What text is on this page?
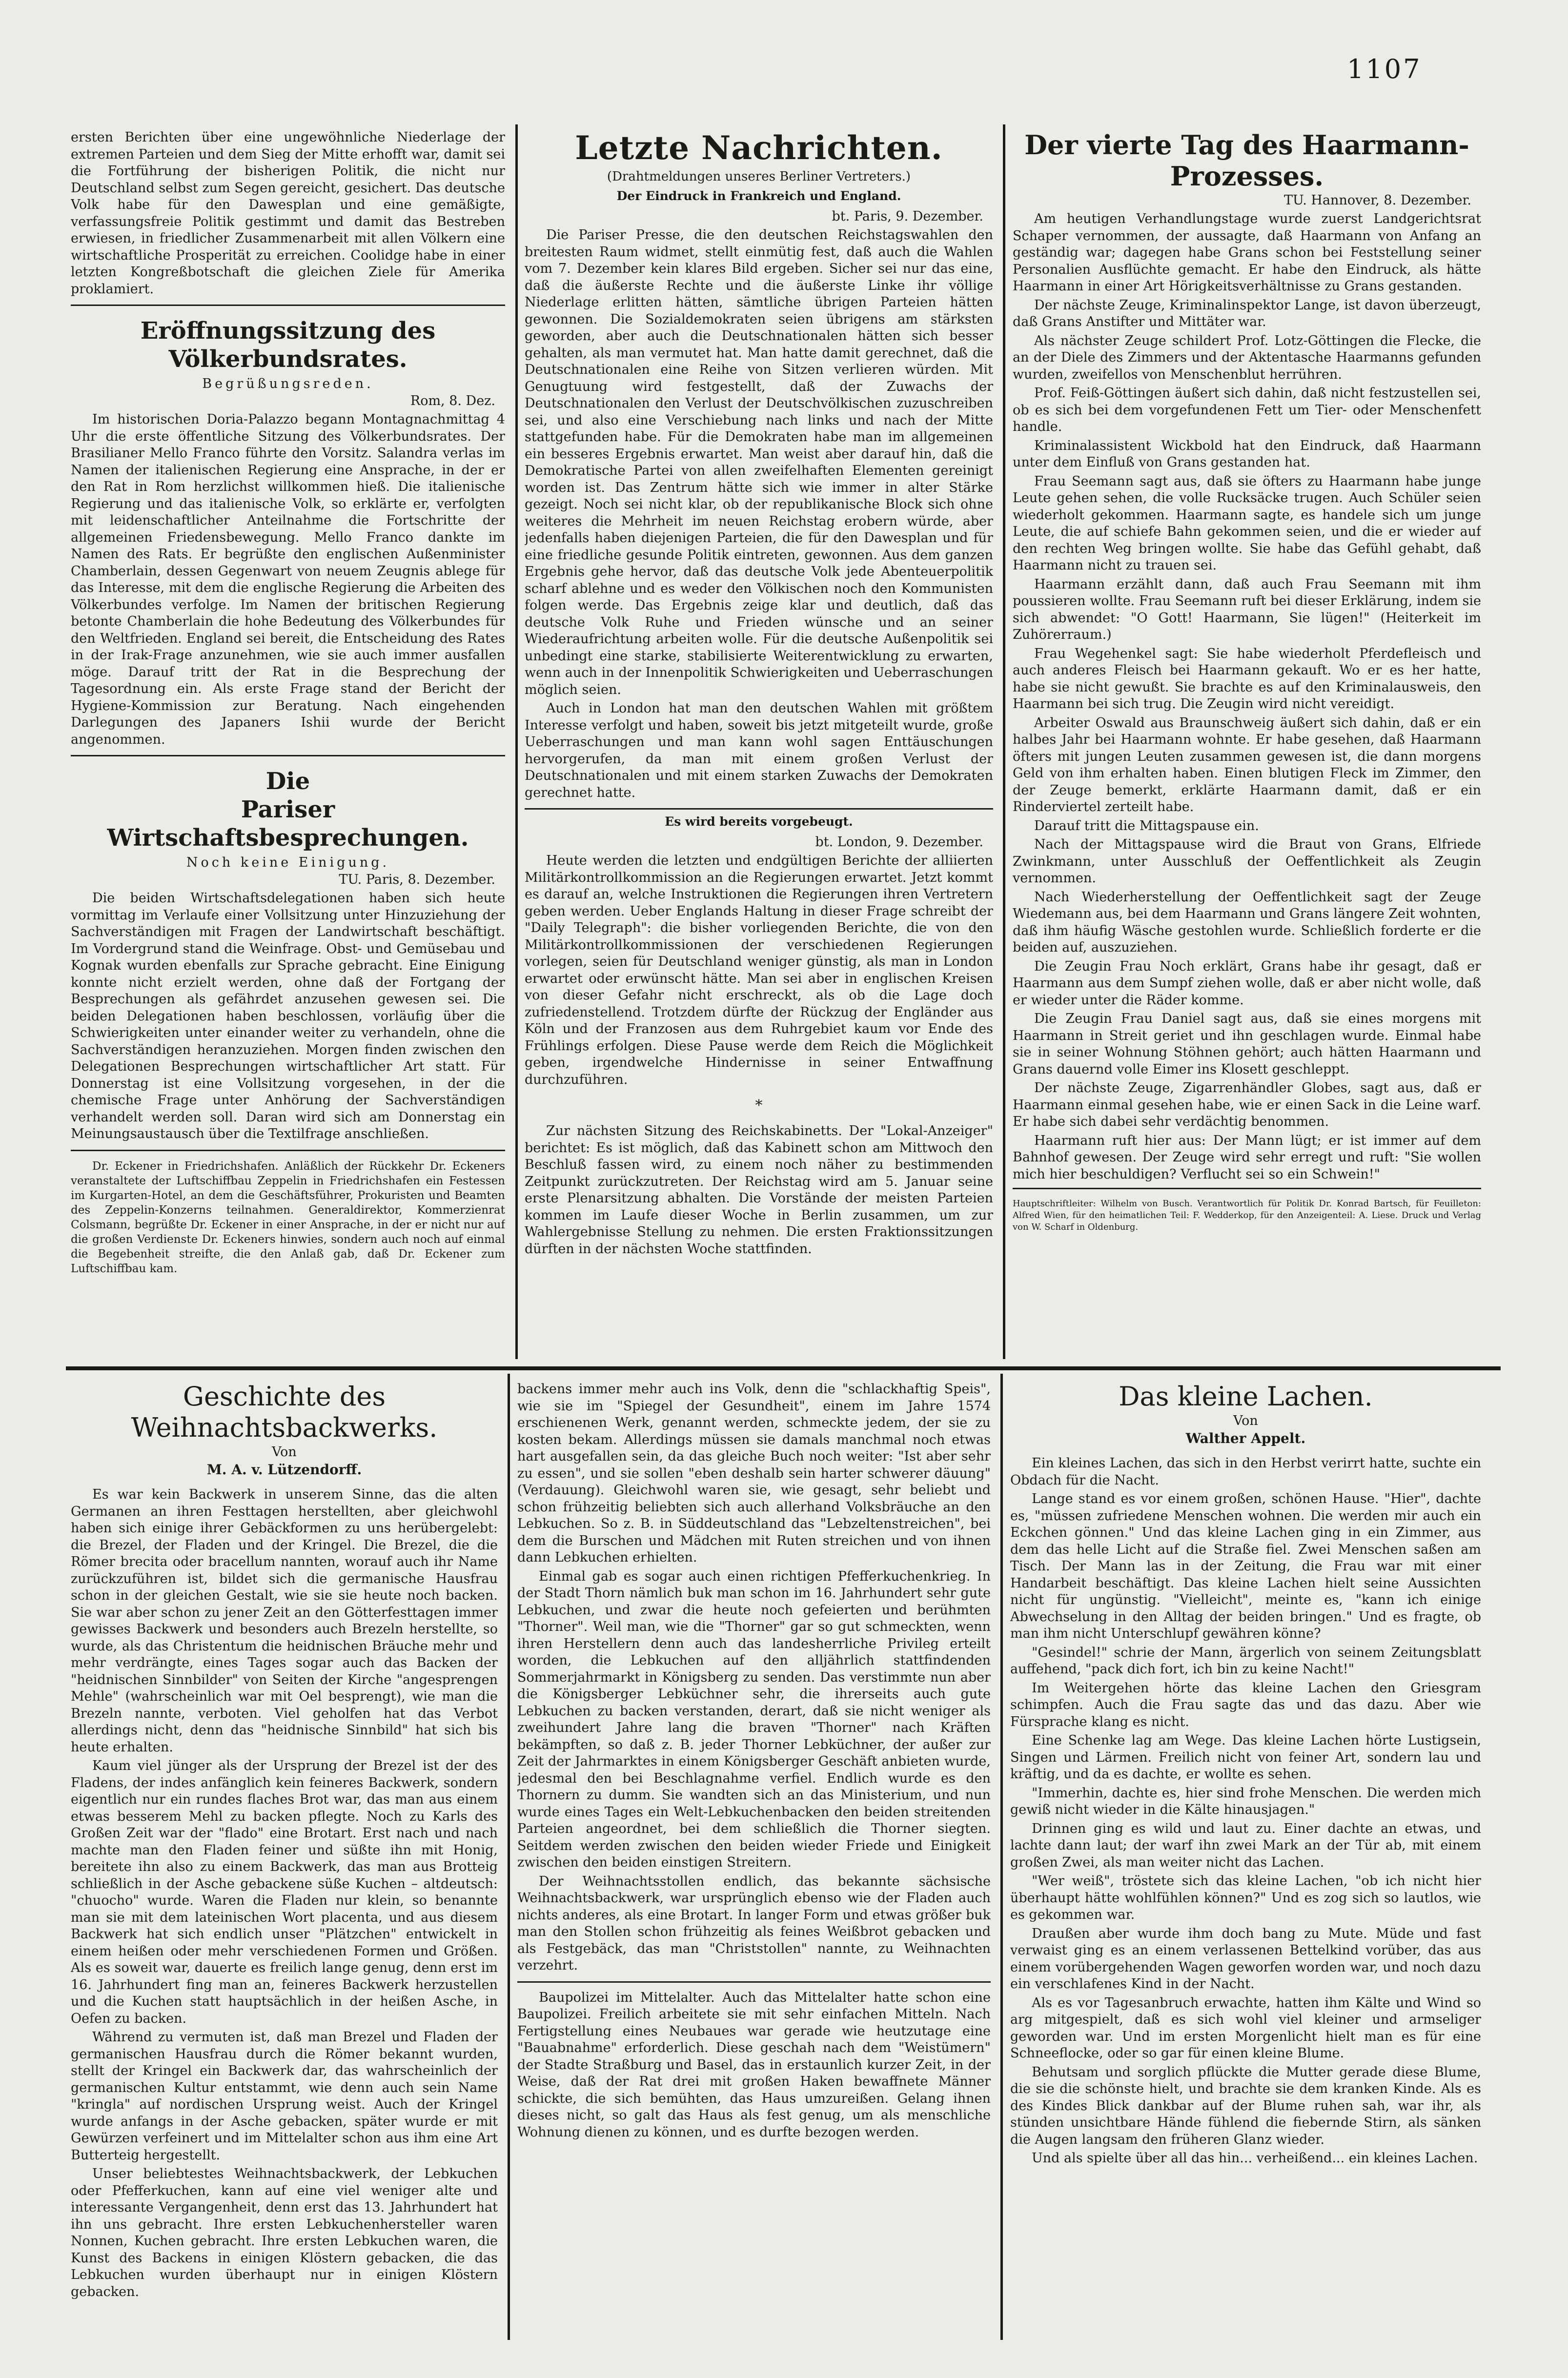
1107

ersten Berichten über eine ungewöhnliche Niederlage der extremen Parteien und dem Sieg der Mitte erhofft war, damit sei die Fortführung der bisherigen Politik, die nicht nur Deutschland selbst zum Segen gereicht, gesichert. Das deutsche Volk habe für den Dawesplan und eine gemäßigte, verfassungsfreie Politik gestimmt und damit das Bestreben erwiesen, in friedlicher Zusammenarbeit mit allen Völkern eine wirtschaftliche Prosperität zu erreichen. Coolidge habe in einer letzten Kongreßbotschaft die gleichen Ziele für Amerika proklamiert.

Eröffnungssitzung des Völkerbundsrates.
Begrüßungsreden.
Rom, 8. Dez.

Im historischen Doria-Palazzo begann Montagnachmittag 4 Uhr die erste öffentliche Sitzung des Völkerbundsrates. Der Brasilianer Mello Franco führte den Vorsitz. Salandra verlas im Namen der italienischen Regierung eine Ansprache, in der er den Rat in Rom herzlichst willkommen hieß. Die italienische Regierung und das italienische Volk, so erklärte er, verfolgten mit leidenschaftlicher Anteilnahme die Fortschritte der allgemeinen Friedensbewegung. Mello Franco dankte im Namen des Rats. Er begrüßte den englischen Außenminister Chamberlain, dessen Gegenwart von neuem Zeugnis ablege für das Interesse, mit dem die englische Regierung die Arbeiten des Völkerbundes verfolge. Im Namen der britischen Regierung betonte Chamberlain die hohe Bedeutung des Völkerbundes für den Weltfrieden. England sei bereit, die Entscheidung des Rates in der Irak-Frage anzunehmen, wie sie auch immer ausfallen möge. Darauf tritt der Rat in die Besprechung der Tagesordnung ein. Als erste Frage stand der Bericht der Hygiene-Kommission zur Beratung. Nach eingehenden Darlegungen des Japaners Ishii wurde der Bericht angenommen.

Die
Pariser Wirtschaftsbesprechungen.
Noch keine Einigung.
TU. Paris, 8. Dezember.

Die beiden Wirtschaftsdelegationen haben sich heute vormittag im Verlaufe einer Vollsitzung unter Hinzuziehung der Sachverständigen mit Fragen der Landwirtschaft beschäftigt. Im Vordergrund stand die Weinfrage. Obst- und Gemüsebau und Kognak wurden ebenfalls zur Sprache gebracht. Eine Einigung konnte nicht erzielt werden, ohne daß der Fortgang der Besprechungen als gefährdet anzusehen gewesen sei. Die beiden Delegationen haben beschlossen, vorläufig über die Schwierigkeiten unter einander weiter zu verhandeln, ohne die Sachverständigen heranzuziehen. Morgen finden zwischen den Delegationen Besprechungen wirtschaftlicher Art statt. Für Donnerstag ist eine Vollsitzung vorgesehen, in der die chemische Frage unter Anhörung der Sachverständigen verhandelt werden soll. Daran wird sich am Donnerstag ein Meinungsaustausch über die Textilfrage anschließen.

Dr. Eckener in Friedrichshafen. Anläßlich der Rückkehr Dr. Eckeners veranstaltete der Luftschiffbau Zeppelin in Friedrichshafen ein Festessen im Kurgarten-Hotel, an dem die Geschäftsführer, Prokuristen und Beamten des Zeppelin-Konzerns teilnahmen. Generaldirektor, Kommerzienrat Colsmann, begrüßte Dr. Eckener in einer Ansprache, in der er nicht nur auf die großen Verdienste Dr. Eckeners hinwies, sondern auch noch auf einmal die Begebenheit streifte, die den Anlaß gab, daß Dr. Eckener zum Luftschiffbau kam.

Letzte Nachrichten.
(Drahtmeldungen unseres Berliner Vertreters.)
Der Eindruck in Frankreich und England.
bt. Paris, 9. Dezember.

Die Pariser Presse, die den deutschen Reichstagswahlen den breitesten Raum widmet, stellt einmütig fest, daß auch die Wahlen vom 7. Dezember kein klares Bild ergeben. Sicher sei nur das eine, daß die äußerste Rechte und die äußerste Linke ihr völlige Niederlage erlitten hätten, sämtliche übrigen Parteien hätten gewonnen. Die Sozialdemokraten seien übrigens am stärksten geworden, aber auch die Deutschnationalen hätten sich besser gehalten, als man vermutet hat. Man hatte damit gerechnet, daß die Deutschnationalen eine Reihe von Sitzen verlieren würden. Mit Genugtuung wird festgestellt, daß der Zuwachs der Deutschnationalen den Verlust der Deutschvölkischen zuzuschreiben sei, und also eine Verschiebung nach links und nach der Mitte stattgefunden habe. Für die Demokraten habe man im allgemeinen ein besseres Ergebnis erwartet. Man weist aber darauf hin, daß die Demokratische Partei von allen zweifelhaften Elementen gereinigt worden ist. Das Zentrum hätte sich wie immer in alter Stärke gezeigt. Noch sei nicht klar, ob der republikanische Block sich ohne weiteres die Mehrheit im neuen Reichstag erobern würde, aber jedenfalls haben diejenigen Parteien, die für den Dawesplan und für eine friedliche gesunde Politik eintreten, gewonnen. Aus dem ganzen Ergebnis gehe hervor, daß das deutsche Volk jede Abenteuerpolitik scharf ablehne und es weder den Völkischen noch den Kommunisten folgen werde. Das Ergebnis zeige klar und deutlich, daß das deutsche Volk Ruhe und Frieden wünsche und an seiner Wiederaufrichtung arbeiten wolle. Für die deutsche Außenpolitik sei unbedingt eine starke, stabilisierte Weiterentwicklung zu erwarten, wenn auch in der Innenpolitik Schwierigkeiten und Ueberraschungen möglich seien.

Auch in London hat man den deutschen Wahlen mit größtem Interesse verfolgt und haben, soweit bis jetzt mitgeteilt wurde, große Ueberraschungen und man kann wohl sagen Enttäuschungen hervorgerufen, da man mit einem großen Verlust der Deutschnationalen und mit einem starken Zuwachs der Demokraten gerechnet hatte.

Es wird bereits vorgebeugt.
bt. London, 9. Dezember.

Heute werden die letzten und endgültigen Berichte der alliierten Militärkontrollkommission an die Regierungen erwartet. Jetzt kommt es darauf an, welche Instruktionen die Regierungen ihren Vertretern geben werden. Ueber Englands Haltung in dieser Frage schreibt der "Daily Telegraph": die bisher vorliegenden Berichte, die von den Militärkontrollkommissionen der verschiedenen Regierungen vorlegen, seien für Deutschland weniger günstig, als man in London erwartet oder erwünscht hätte. Man sei aber in englischen Kreisen von dieser Gefahr nicht erschreckt, als ob die Lage doch zufriedenstellend. Trotzdem dürfte der Rückzug der Engländer aus Köln und der Franzosen aus dem Ruhrgebiet kaum vor Ende des Frühlings erfolgen. Diese Pause werde dem Reich die Möglichkeit geben, irgendwelche Hindernisse in seiner Entwaffnung durchzuführen.

*

Zur nächsten Sitzung des Reichskabinetts. Der "Lokal-Anzeiger" berichtet: Es ist möglich, daß das Kabinett schon am Mittwoch den Beschluß fassen wird, zu einem noch näher zu bestimmenden Zeitpunkt zurückzutreten. Der Reichstag wird am 5. Januar seine erste Plenarsitzung abhalten. Die Vorstände der meisten Parteien kommen im Laufe dieser Woche in Berlin zusammen, um zur Wahlergebnisse Stellung zu nehmen. Die ersten Fraktionssitzungen dürften in der nächsten Woche stattfinden.

Der vierte Tag des Haarmann-Prozesses.
TU. Hannover, 8. Dezember.

Am heutigen Verhandlungstage wurde zuerst Landgerichtsrat Schaper vernommen, der aussagte, daß Haarmann von Anfang an geständig war; dagegen habe Grans schon bei Feststellung seiner Personalien Ausflüchte gemacht. Er habe den Eindruck, als hätte Haarmann in einer Art Hörigkeitsverhältnisse zu Grans gestanden.

Der nächste Zeuge, Kriminalinspektor Lange, ist davon überzeugt, daß Grans Anstifter und Mittäter war.

Als nächster Zeuge schildert Prof. Lotz-Göttingen die Flecke, die an der Diele des Zimmers und der Aktentasche Haarmanns gefunden wurden, zweifellos von Menschenblut herrühren.

Prof. Feiß-Göttingen äußert sich dahin, daß nicht festzustellen sei, ob es sich bei dem vorgefundenen Fett um Tier- oder Menschenfett handle.

Kriminalassistent Wickbold hat den Eindruck, daß Haarmann unter dem Einfluß von Grans gestanden hat.

Frau Seemann sagt aus, daß sie öfters zu Haarmann habe junge Leute gehen sehen, die volle Rucksäcke trugen. Auch Schüler seien wiederholt gekommen. Haarmann sagte, es handele sich um junge Leute, die auf schiefe Bahn gekommen seien, und die er wieder auf den rechten Weg bringen wollte. Sie habe das Gefühl gehabt, daß Haarmann nicht zu trauen sei.

Haarmann erzählt dann, daß auch Frau Seemann mit ihm poussieren wollte. Frau Seemann ruft bei dieser Erklärung, indem sie sich abwendet: "O Gott! Haarmann, Sie lügen!" (Heiterkeit im Zuhörerraum.)

Frau Wegehenkel sagt: Sie habe wiederholt Pferdefleisch und auch anderes Fleisch bei Haarmann gekauft. Wo er es her hatte, habe sie nicht gewußt. Sie brachte es auf den Kriminalausweis, den Haarmann bei sich trug. Die Zeugin wird nicht vereidigt.

Arbeiter Oswald aus Braunschweig äußert sich dahin, daß er ein halbes Jahr bei Haarmann wohnte. Er habe gesehen, daß Haarmann öfters mit jungen Leuten zusammen gewesen ist, die dann morgens Geld von ihm erhalten haben. Einen blutigen Fleck im Zimmer, den der Zeuge bemerkt, erklärte Haarmann damit, daß er ein Rinderviertel zerteilt habe.

Darauf tritt die Mittagspause ein.

Nach der Mittagspause wird die Braut von Grans, Elfriede Zwinkmann, unter Ausschluß der Oeffentlichkeit als Zeugin vernommen.

Nach Wiederherstellung der Oeffentlichkeit sagt der Zeuge Wiedemann aus, bei dem Haarmann und Grans längere Zeit wohnten, daß ihm häufig Wäsche gestohlen wurde. Schließlich forderte er die beiden auf, auszuziehen.

Die Zeugin Frau Noch erklärt, Grans habe ihr gesagt, daß er Haarmann aus dem Sumpf ziehen wolle, daß er aber nicht wolle, daß er wieder unter die Räder komme.

Die Zeugin Frau Daniel sagt aus, daß sie eines morgens mit Haarmann in Streit geriet und ihn geschlagen wurde. Einmal habe sie in seiner Wohnung Stöhnen gehört; auch hätten Haarmann und Grans dauernd volle Eimer ins Klosett geschleppt.

Der nächste Zeuge, Zigarrenhändler Globes, sagt aus, daß er Haarmann einmal gesehen habe, wie er einen Sack in die Leine warf. Er habe sich dabei sehr verdächtig benommen.

Haarmann ruft hier aus: Der Mann lügt; er ist immer auf dem Bahnhof gewesen. Der Zeuge wird sehr erregt und ruft: "Sie wollen mich hier beschuldigen? Verflucht sei so ein Schwein!"

Hauptschriftleiter: Wilhelm von Busch. Verantwortlich für Politik Dr. Konrad Bartsch, für Feuilleton: Alfred Wien, für den heimatlichen Teil: F. Wedderkop, für den Anzeigenteil: A. Liese. Druck und Verlag von W. Scharf in Oldenburg.

Geschichte des Weihnachtsbackwerks.
Von
M. A. v. Lützendorff.

Es war kein Backwerk in unserem Sinne, das die alten Germanen an ihren Festtagen herstellten, aber gleichwohl haben sich einige ihrer Gebäckformen zu uns herübergelebt: die Brezel, der Fladen und der Kringel. Die Brezel, die die Römer brecita oder bracellum nannten, worauf auch ihr Name zurückzuführen ist, bildet sich die germanische Hausfrau schon in der gleichen Gestalt, wie sie sie heute noch backen. Sie war aber schon zu jener Zeit an den Götterfesttagen immer gewisses Backwerk und besonders auch Brezeln herstellte, so wurde, als das Christentum die heidnischen Bräuche mehr und mehr verdrängte, eines Tages sogar auch das Backen der "heidnischen Sinnbilder" von Seiten der Kirche "angesprengen Mehle" (wahrscheinlich war mit Oel besprengt), wie man die Brezeln nannte, verboten. Viel geholfen hat das Verbot allerdings nicht, denn das "heidnische Sinnbild" hat sich bis heute erhalten.

Kaum viel jünger als der Ursprung der Brezel ist der des Fladens, der indes anfänglich kein feineres Backwerk, sondern eigentlich nur ein rundes flaches Brot war, das man aus einem etwas besserem Mehl zu backen pflegte. Noch zu Karls des Großen Zeit war der "flado" eine Brotart. Erst nach und nach machte man den Fladen feiner und süßte ihn mit Honig, bereitete ihn also zu einem Backwerk, das man aus Brotteig schließlich in der Asche gebackene süße Kuchen – altdeutsch: "chuocho" wurde. Waren die Fladen nur klein, so benannte man sie mit dem lateinischen Wort placenta, und aus diesem Backwerk hat sich endlich unser "Plätzchen" entwickelt in einem heißen oder mehr verschiedenen Formen und Größen. Als es soweit war, dauerte es freilich lange genug, denn erst im 16. Jahrhundert fing man an, feineres Backwerk herzustellen und die Kuchen statt hauptsächlich in der heißen Asche, in Oefen zu backen.

Während zu vermuten ist, daß man Brezel und Fladen der germanischen Hausfrau durch die Römer bekannt wurden, stellt der Kringel ein Backwerk dar, das wahrscheinlich der germanischen Kultur entstammt, wie denn auch sein Name "kringla" auf nordischen Ursprung weist. Auch der Kringel wurde anfangs in der Asche gebacken, später wurde er mit Gewürzen verfeinert und im Mittelalter schon aus ihm eine Art Butterteig hergestellt.

Unser beliebtestes Weihnachtsbackwerk, der Lebkuchen oder Pfefferkuchen, kann auf eine viel weniger alte und interessante Vergangenheit, denn erst das 13. Jahrhundert hat ihn uns gebracht. Ihre ersten Lebkuchenhersteller waren Nonnen, Kuchen gebracht. Ihre ersten Lebkuchen waren, die Kunst des Backens in einigen Klöstern gebacken, die das Lebkuchen wurden überhaupt nur in einigen Klöstern gebacken.

backens immer mehr auch ins Volk, denn die "schlackhaftig Speis", wie sie im "Spiegel der Gesundheit", einem im Jahre 1574 erschienenen Werk, genannt werden, schmeckte jedem, der sie zu kosten bekam. Allerdings müssen sie damals manchmal noch etwas hart ausgefallen sein, da das gleiche Buch noch weiter: "Ist aber sehr zu essen", und sie sollen "eben deshalb sein harter schwerer däuung" (Verdauung). Gleichwohl waren sie, wie gesagt, sehr beliebt und schon frühzeitig beliebten sich auch allerhand Volksbräuche an den Lebkuchen. So z. B. in Süddeutschland das "Lebzeltenstreichen", bei dem die Burschen und Mädchen mit Ruten streichen und von ihnen dann Lebkuchen erhielten.

Einmal gab es sogar auch einen richtigen Pfefferkuchenkrieg. In der Stadt Thorn nämlich buk man schon im 16. Jahrhundert sehr gute Lebkuchen, und zwar die heute noch gefeierten und berühmten "Thorner". Weil man, wie die "Thorner" gar so gut schmeckten, wenn ihren Herstellern denn auch das landesherrliche Privileg erteilt worden, die Lebkuchen auf den alljährlich stattfindenden Sommerjahrmarkt in Königsberg zu senden. Das verstimmte nun aber die Königsberger Lebküchner sehr, die ihrerseits auch gute Lebkuchen zu backen verstanden, derart, daß sie nicht weniger als zweihundert Jahre lang die braven "Thorner" nach Kräften bekämpften, so daß z. B. jeder Thorner Lebküchner, der außer zur Zeit der Jahrmarktes in einem Königsberger Geschäft anbieten wurde, jedesmal den bei Beschlagnahme verfiel. Endlich wurde es den Thornern zu dumm. Sie wandten sich an das Ministerium, und nun wurde eines Tages ein Welt-Lebkuchenbacken den beiden streitenden Parteien angeordnet, bei dem schließlich die Thorner siegten. Seitdem werden zwischen den beiden wieder Friede und Einigkeit zwischen den beiden einstigen Streitern.

Der Weihnachtsstollen endlich, das bekannte sächsische Weihnachtsbackwerk, war ursprünglich ebenso wie der Fladen auch nichts anderes, als eine Brotart. In langer Form und etwas größer buk man den Stollen schon frühzeitig als feines Weißbrot gebacken und als Festgebäck, das man "Christstollen" nannte, zu Weihnachten verzehrt.

Baupolizei im Mittelalter. Auch das Mittelalter hatte schon eine Baupolizei. Freilich arbeitete sie mit sehr einfachen Mitteln. Nach Fertigstellung eines Neubaues war gerade wie heutzutage eine "Bauabnahme" erforderlich. Diese geschah nach dem "Weistümern" der Stadte Straßburg und Basel, das in erstaunlich kurzer Zeit, in der Weise, daß der Rat drei mit großen Haken bewaffnete Männer schickte, die sich bemühten, das Haus umzureißen. Gelang ihnen dieses nicht, so galt das Haus als fest genug, um als menschliche Wohnung dienen zu können, und es durfte bezogen werden.

Das kleine Lachen.
Von
Walther Appelt.

Ein kleines Lachen, das sich in den Herbst verirrt hatte, suchte ein Obdach für die Nacht.

Lange stand es vor einem großen, schönen Hause. "Hier", dachte es, "müssen zufriedene Menschen wohnen. Die werden mir auch ein Eckchen gönnen." Und das kleine Lachen ging in ein Zimmer, aus dem das helle Licht auf die Straße fiel. Zwei Menschen saßen am Tisch. Der Mann las in der Zeitung, die Frau war mit einer Handarbeit beschäftigt. Das kleine Lachen hielt seine Aussichten nicht für ungünstig. "Vielleicht", meinte es, "kann ich einige Abwechselung in den Alltag der beiden bringen." Und es fragte, ob man ihm nicht Unterschlupf gewähren könne?

"Gesindel!" schrie der Mann, ärgerlich von seinem Zeitungsblatt auffehend, "pack dich fort, ich bin zu keine Nacht!"

Im Weitergehen hörte das kleine Lachen den Griesgram schimpfen. Auch die Frau sagte das und das dazu. Aber wie Fürsprache klang es nicht.

Eine Schenke lag am Wege. Das kleine Lachen hörte Lustigsein, Singen und Lärmen. Freilich nicht von feiner Art, sondern lau und kräftig, und da es dachte, er wollte es sehen.

"Immerhin, dachte es, hier sind frohe Menschen. Die werden mich gewiß nicht wieder in die Kälte hinausjagen."

Drinnen ging es wild und laut zu. Einer dachte an etwas, und lachte dann laut; der warf ihn zwei Mark an der Tür ab, mit einem großen Zwei, als man weiter nicht das Lachen.

"Wer weiß", tröstete sich das kleine Lachen, "ob ich nicht hier überhaupt hätte wohlfühlen können?" Und es zog sich so lautlos, wie es gekommen war.

Draußen aber wurde ihm doch bang zu Mute. Müde und fast verwaist ging es an einem verlassenen Bettelkind vorüber, das aus einem vorübergehenden Wagen geworfen worden war, und noch dazu ein verschlafenes Kind in der Nacht.

Als es vor Tagesanbruch erwachte, hatten ihm Kälte und Wind so arg mitgespielt, daß es sich wohl viel kleiner und armseliger geworden war. Und im ersten Morgenlicht hielt man es für eine Schneeflocke, oder so gar für einen kleine Blume.

Behutsam und sorglich pflückte die Mutter gerade diese Blume, die sie die schönste hielt, und brachte sie dem kranken Kinde. Als es des Kindes Blick dankbar auf der Blume ruhen sah, war ihr, als stünden unsichtbare Hände fühlend die fiebernde Stirn, als sänken die Augen langsam den früheren Glanz wieder.

Und als spielte über all das hin... verheißend... ein kleines Lachen.
